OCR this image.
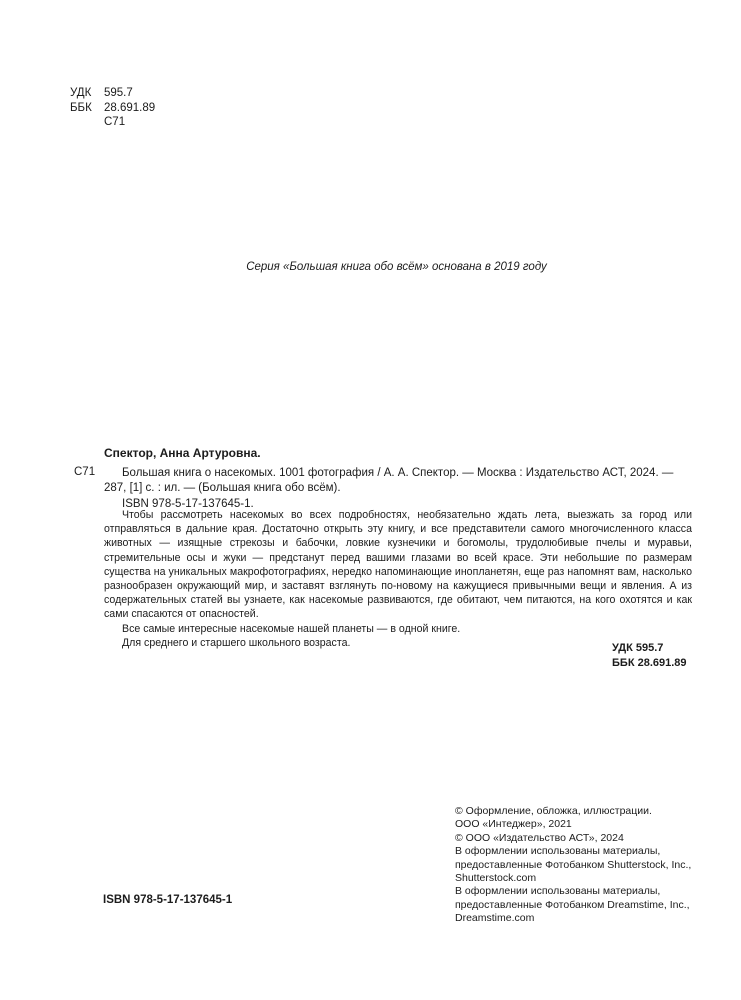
УДК	595.7
ББК	28.691.89
С71
Серия «Большая книга обо всём» основана в 2019 году
Спектор, Анна Артуровна.
С71	Большая книга о насекомых. 1001 фотография / А. А. Спектор. — Москва : Издательство АСТ, 2024. — 287, [1] с. : ил. — (Большая книга обо всём).

ISBN 978-5-17-137645-1.

Чтобы рассмотреть насекомых во всех подробностях, необязательно ждать лета, выезжать за город или отправляться в дальние края. Достаточно открыть эту книгу, и все представители самого многочисленного класса животных — изящные стрекозы и бабочки, ловкие кузнечики и богомолы, трудолюбивые пчелы и муравьи, стремительные осы и жуки — предстанут перед вашими глазами во всей красе. Эти небольшие по размерам существа на уникальных макрофотографиях, нередко напоминающие инопланетян, еще раз напомнят вам, насколько разнообразен окружающий мир, и заставят взглянуть по-новому на кажущиеся привычными вещи и явления. А из содержательных статей вы узнаете, как насекомые развиваются, где обитают, чем питаются, на кого охотятся и как сами спасаются от опасностей.

Все самые интересные насекомые нашей планеты — в одной книге.

Для среднего и старшего школьного возраста.	УДК 595.7
ББК 28.691.89

© Оформление, обложка, иллюстрации.

ООО «Интеджер», 2021

© ООО «Издательство АСТ», 2024

В оформлении использованы материалы,

предоставленные Фотобанком Shutterstock, Inc.,

Shutterstock.com

В оформлении использованы материалы,

предоставленные Фотобанком Dreamstime, Inc.,

Dreamstime.com

ISBN 978-5-17-137645-1
